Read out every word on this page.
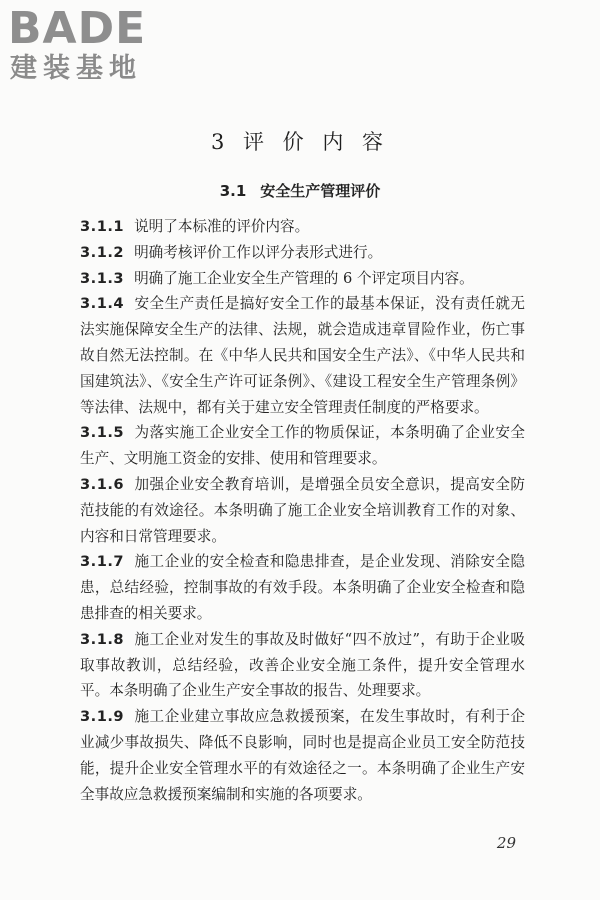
BADE
建装基地
3 评 价 内 容
3.1 安全生产管理评价

3.1.1 说明了本标准的评价内容。

3.1.2 明确考核评价工作以评分表形式进行。

3.1.3 明确了施工企业安全生产管理的 6 个评定项目内容。

3.1.4 安全生产责任是搞好安全工作的最基本保证，没有责任就无法实施保障安全生产的法律、法规，就会造成违章冒险作业，伤亡事故自然无法控制。在《中华人民共和国安全生产法》、《中华人民共和国建筑法》、《安全生产许可证条例》、《建设工程安全生产管理条例》等法律、法规中，都有关于建立安全管理责任制度的严格要求。

3.1.5 为落实施工企业安全工作的物质保证，本条明确了企业安全生产、文明施工资金的安排、使用和管理要求。

3.1.6 加强企业安全教育培训，是增强全员安全意识，提高安全防范技能的有效途径。本条明确了施工企业安全培训教育工作的对象、内容和日常管理要求。

3.1.7 施工企业的安全检查和隐患排查，是企业发现、消除安全隐患，总结经验，控制事故的有效手段。本条明确了企业安全检查和隐患排查的相关要求。

3.1.8 施工企业对发生的事故及时做好“四不放过”，有助于企业吸取事故教训，总结经验，改善企业安全施工条件，提升安全管理水平。本条明确了企业生产安全事故的报告、处理要求。

3.1.9 施工企业建立事故应急救援预案，在发生事故时，有利于企业减少事故损失、降低不良影响，同时也是提高企业员工安全防范技能，提升企业安全管理水平的有效途径之一。本条明确了企业生产安全事故应急救援预案编制和实施的各项要求。

29
